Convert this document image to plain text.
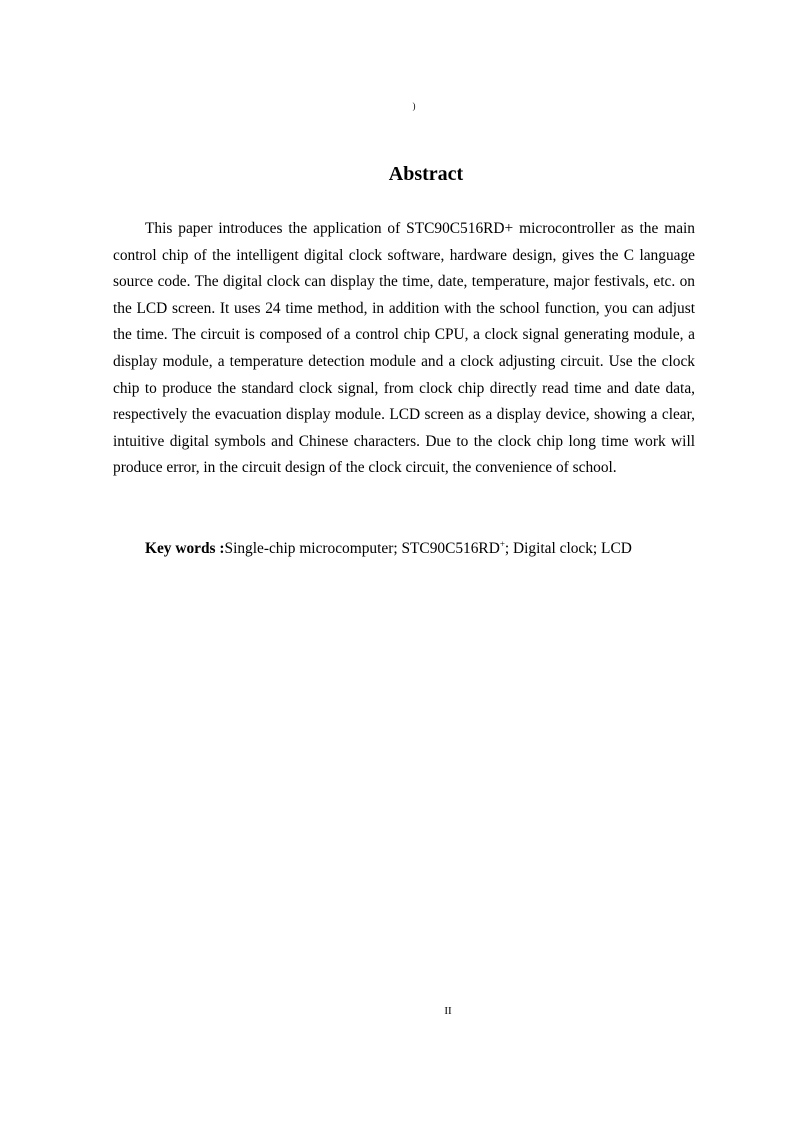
)
Abstract

This paper introduces the application of STC90C516RD+ microcontroller as the main control chip of the intelligent digital clock software, hardware design, gives the C language source code. The digital clock can display the time, date, temperature, major festivals, etc. on the LCD screen. It uses 24 time method, in addition with the school function, you can adjust the time. The circuit is composed of a control chip CPU, a clock signal generating module, a display module, a temperature detection module and a clock adjusting circuit. Use the clock chip to produce the standard clock signal, from clock chip directly read time and date data, respectively the evacuation display module. LCD screen as a display device, showing a clear, intuitive digital symbols and Chinese characters. Due to the clock chip long time work will produce error, in the circuit design of the clock circuit, the convenience of school.

Key words :Single-chip microcomputer; STC90C516RD+; Digital clock; LCD

II
